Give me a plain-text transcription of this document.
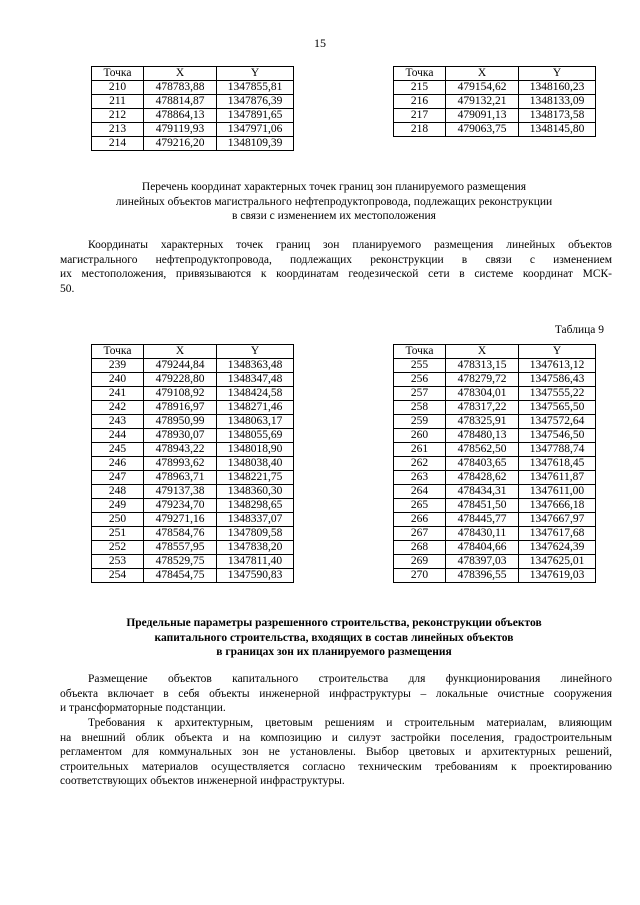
15
Точка	X	Y
210	478783,88	1347855,81
211	478814,87	1347876,39
212	478864,13	1347891,65
213	479119,93	1347971,06
214	479216,20	1348109,39
Точка	X	Y
215	479154,62	1348160,23
216	479132,21	1348133,09
217	479091,13	1348173,58
218	479063,75	1348145,80
Перечень координат характерных точек границ зон планируемого размещения
линейных объектов магистрального нефтепродуктопровода, подлежащих реконструкции
в связи с изменением их местоположения
Координаты характерных точек границ зон планируемого размещения линейных объектов
магистрального нефтепродуктопровода, подлежащих реконструкции в связи с изменением
их местоположения, привязываются к координатам геодезической сети в системе координат МСК-
50.
Таблица 9
Точка	X	Y
239	479244,84	1348363,48
240	479228,80	1348347,48
241	479108,92	1348424,58
242	478916,97	1348271,46
243	478950,99	1348063,17
244	478930,07	1348055,69
245	478943,22	1348018,90
246	478993,62	1348038,40
247	478963,71	1348221,75
248	479137,38	1348360,30
249	479234,70	1348298,65
250	479271,16	1348337,07
251	478584,76	1347809,58
252	478557,95	1347838,20
253	478529,75	1347811,40
254	478454,75	1347590,83
Точка	X	Y
255	478313,15	1347613,12
256	478279,72	1347586,43
257	478304,01	1347555,22
258	478317,22	1347565,50
259	478325,91	1347572,64
260	478480,13	1347546,50
261	478562,50	1347788,74
262	478403,65	1347618,45
263	478428,62	1347611,87
264	478434,31	1347611,00
265	478451,50	1347666,18
266	478445,77	1347667,97
267	478430,11	1347617,68
268	478404,66	1347624,39
269	478397,03	1347625,01
270	478396,55	1347619,03
Предельные параметры разрешенного строительства, реконструкции объектов
капитального строительства, входящих в состав линейных объектов
в границах зон их планируемого размещения
Размещение объектов капитального строительства для функционирования линейного
объекта включает в себя объекты инженерной инфраструктуры – локальные очистные сооружения
и трансформаторные подстанции.
Требования к архитектурным, цветовым решениям и строительным материалам, влияющим
на внешний облик объекта и на композицию и силуэт застройки поселения, градостроительным
регламентом для коммунальных зон не установлены. Выбор цветовых и архитектурных решений,
строительных материалов осуществляется согласно техническим требованиям к проектированию
соответствующих объектов инженерной инфраструктуры.
